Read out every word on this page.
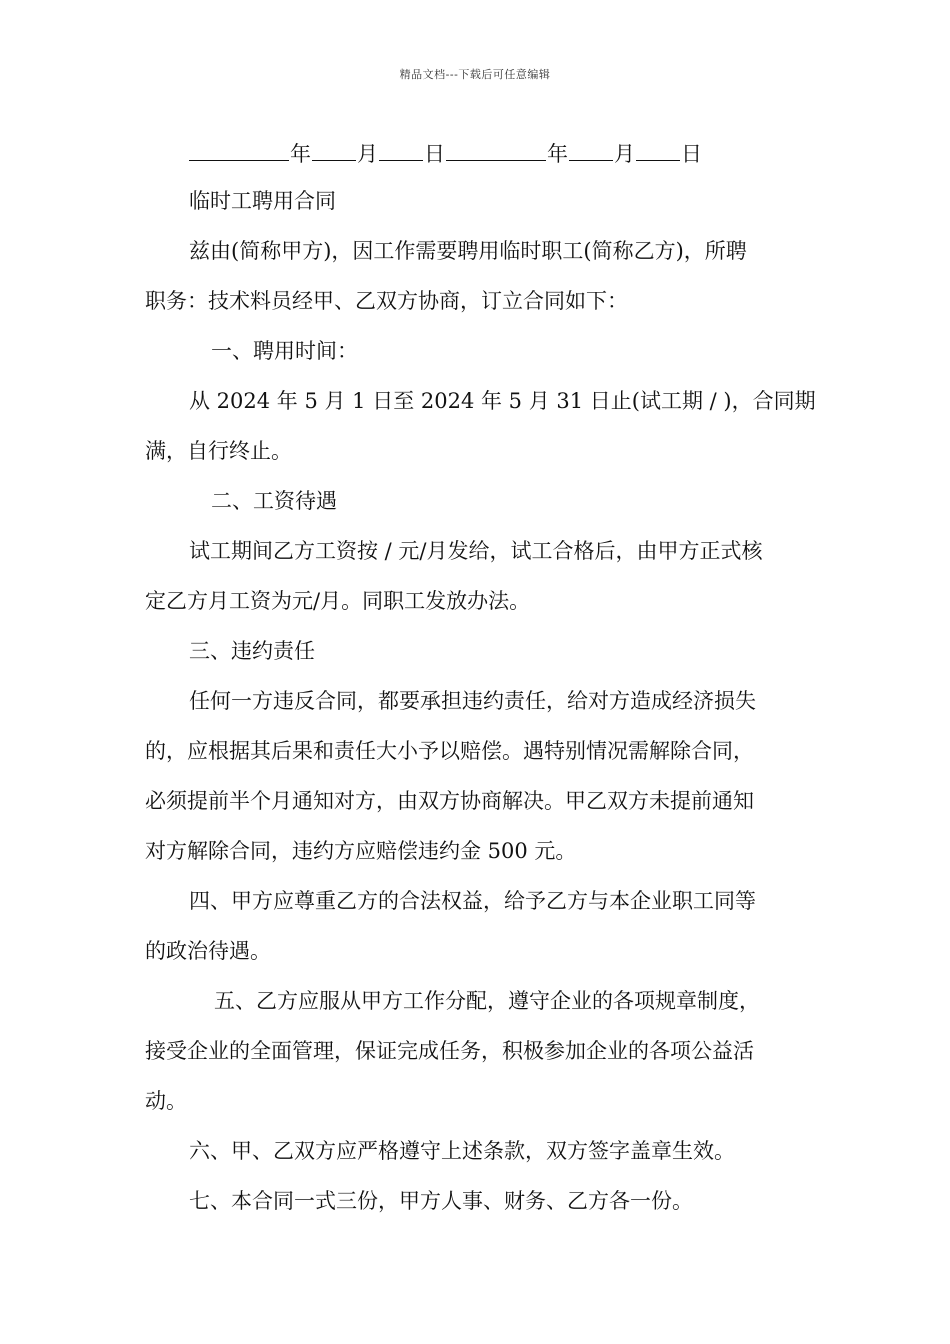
精品文档---下载后可任意编辑
年 月 日	年 月 日
临时工聘用合同
兹由(简称甲方)，因工作需要聘用临时职工(简称乙方)，所聘
职务：技术料员经甲、乙双方协商，订立合同如下：
一、聘用时间：
从 2024 年 5 月 1 日至 2024 年 5 月 31 日止(试工期 / )，合同期
满，自行终止。
二、工资待遇
试工期间乙方工资按 / 元/月发给，试工合格后，由甲方正式核
定乙方月工资为元/月。同职工发放办法。
三、违约责任
任何一方违反合同，都要承担违约责任，给对方造成经济损失
的，应根据其后果和责任大小予以赔偿。遇特别情况需解除合同，
必须提前半个月通知对方，由双方协商解决。甲乙双方未提前通知
对方解除合同，违约方应赔偿违约金 500 元。
四、甲方应尊重乙方的合法权益，给予乙方与本企业职工同等
的政治待遇。
五、乙方应服从甲方工作分配，遵守企业的各项规章制度，
接受企业的全面管理，保证完成任务，积极参加企业的各项公益活
动。
六、甲、乙双方应严格遵守上述条款，双方签字盖章生效。
七、本合同一式三份，甲方人事、财务、乙方各一份。
